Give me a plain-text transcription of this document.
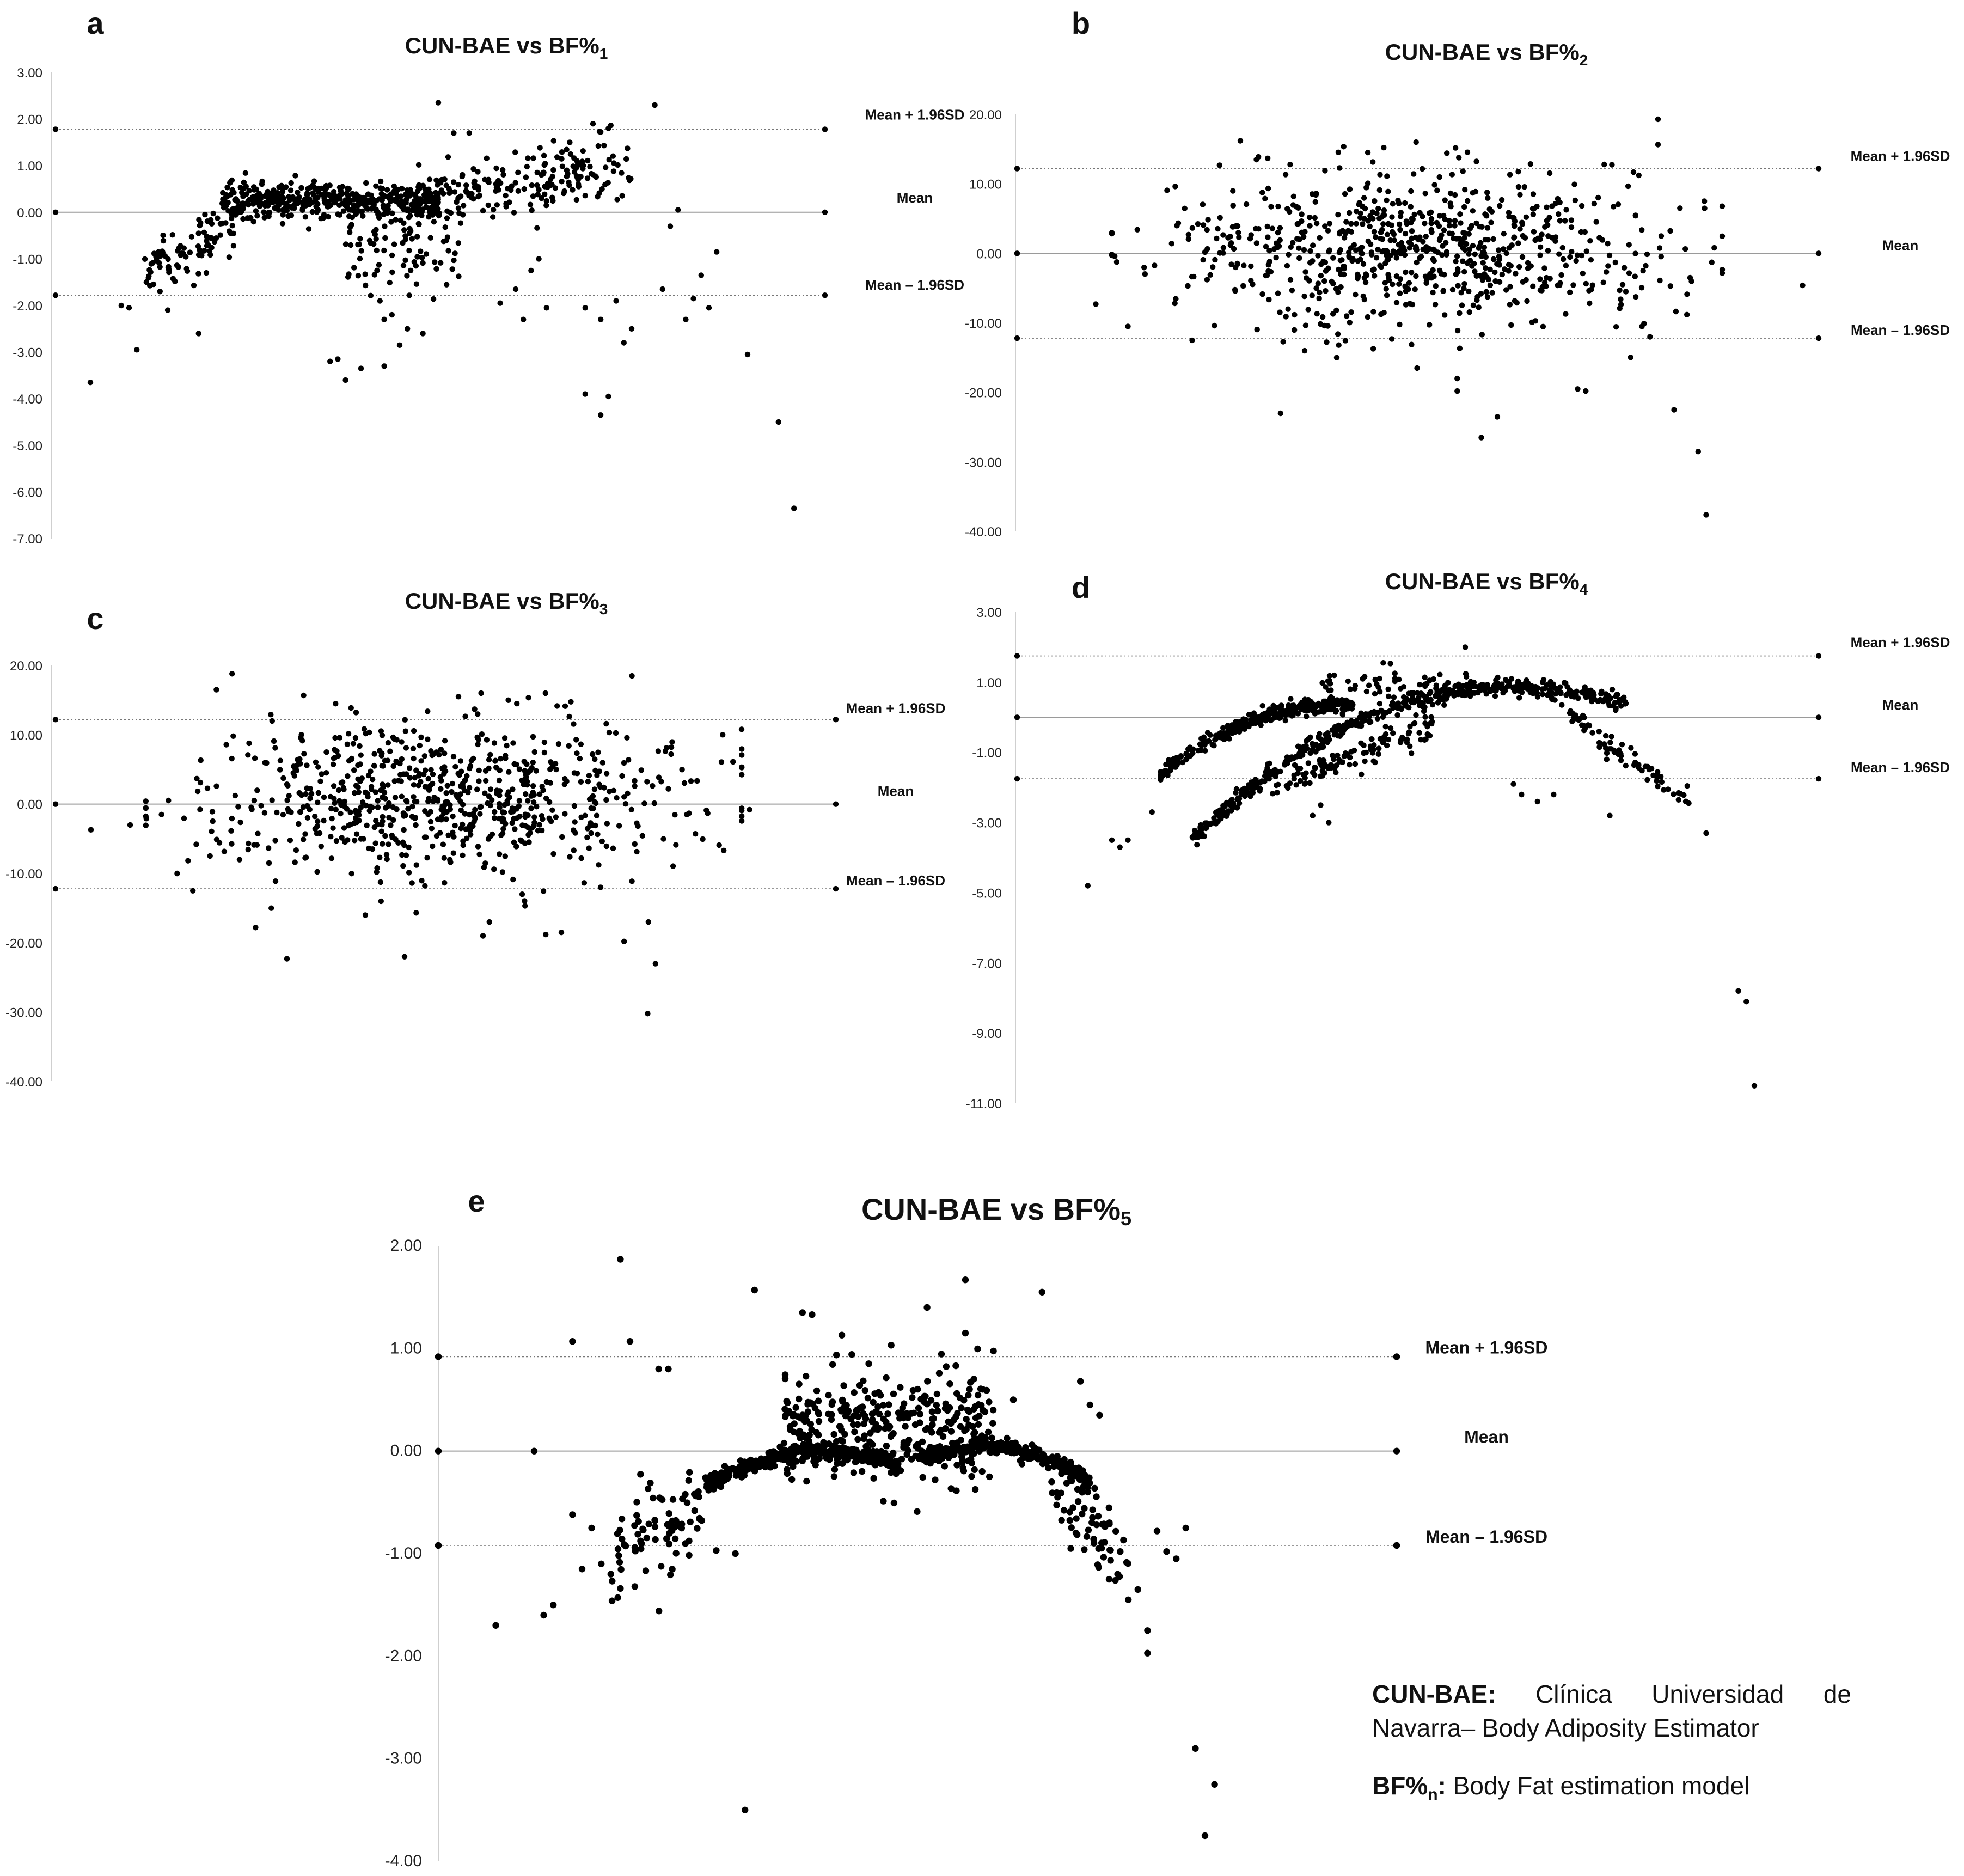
a
CUN-BAE vs $BF\%_1$
3.00
2.00
1.00
0.00
-1.00
-2.00
-3.00
-4.00
-5.00
-6.00
-7.00
Mean + 1.96SD
Mean
Mean – 1.96SD
b
CUN-BAE vs $BF\%_2$
20.00
10.00
0.00
-10.00
-20.00
-30.00
-40.00
Mean + 1.96SD
Mean
Mean – 1.96SD
c
CUN-BAE vs $BF\%_3$
20.00
10.00
0.00
-10.00
-20.00
-30.00
-40.00
Mean + 1.96SD
Mean
Mean – 1.96SD
d	CUN-BAE vs $BF\%_4$
3.00
1.00
-1.00
-3.00
-5.00
-7.00
-9.00
-11.00
Mean + 1.96SD
Mean
Mean – 1.96SD
e	CUN-BAE vs BF%5
2.00
1.00
0.00
-1.00
-2.00
-3.00
-4.00
Mean + 1.96SD
Mean
Mean – 1.96SD

CUN-BAE: Clínica Universidad de Navarra– Body Adiposity Estimator

$BF\%_n$: Body Fat estimation model
